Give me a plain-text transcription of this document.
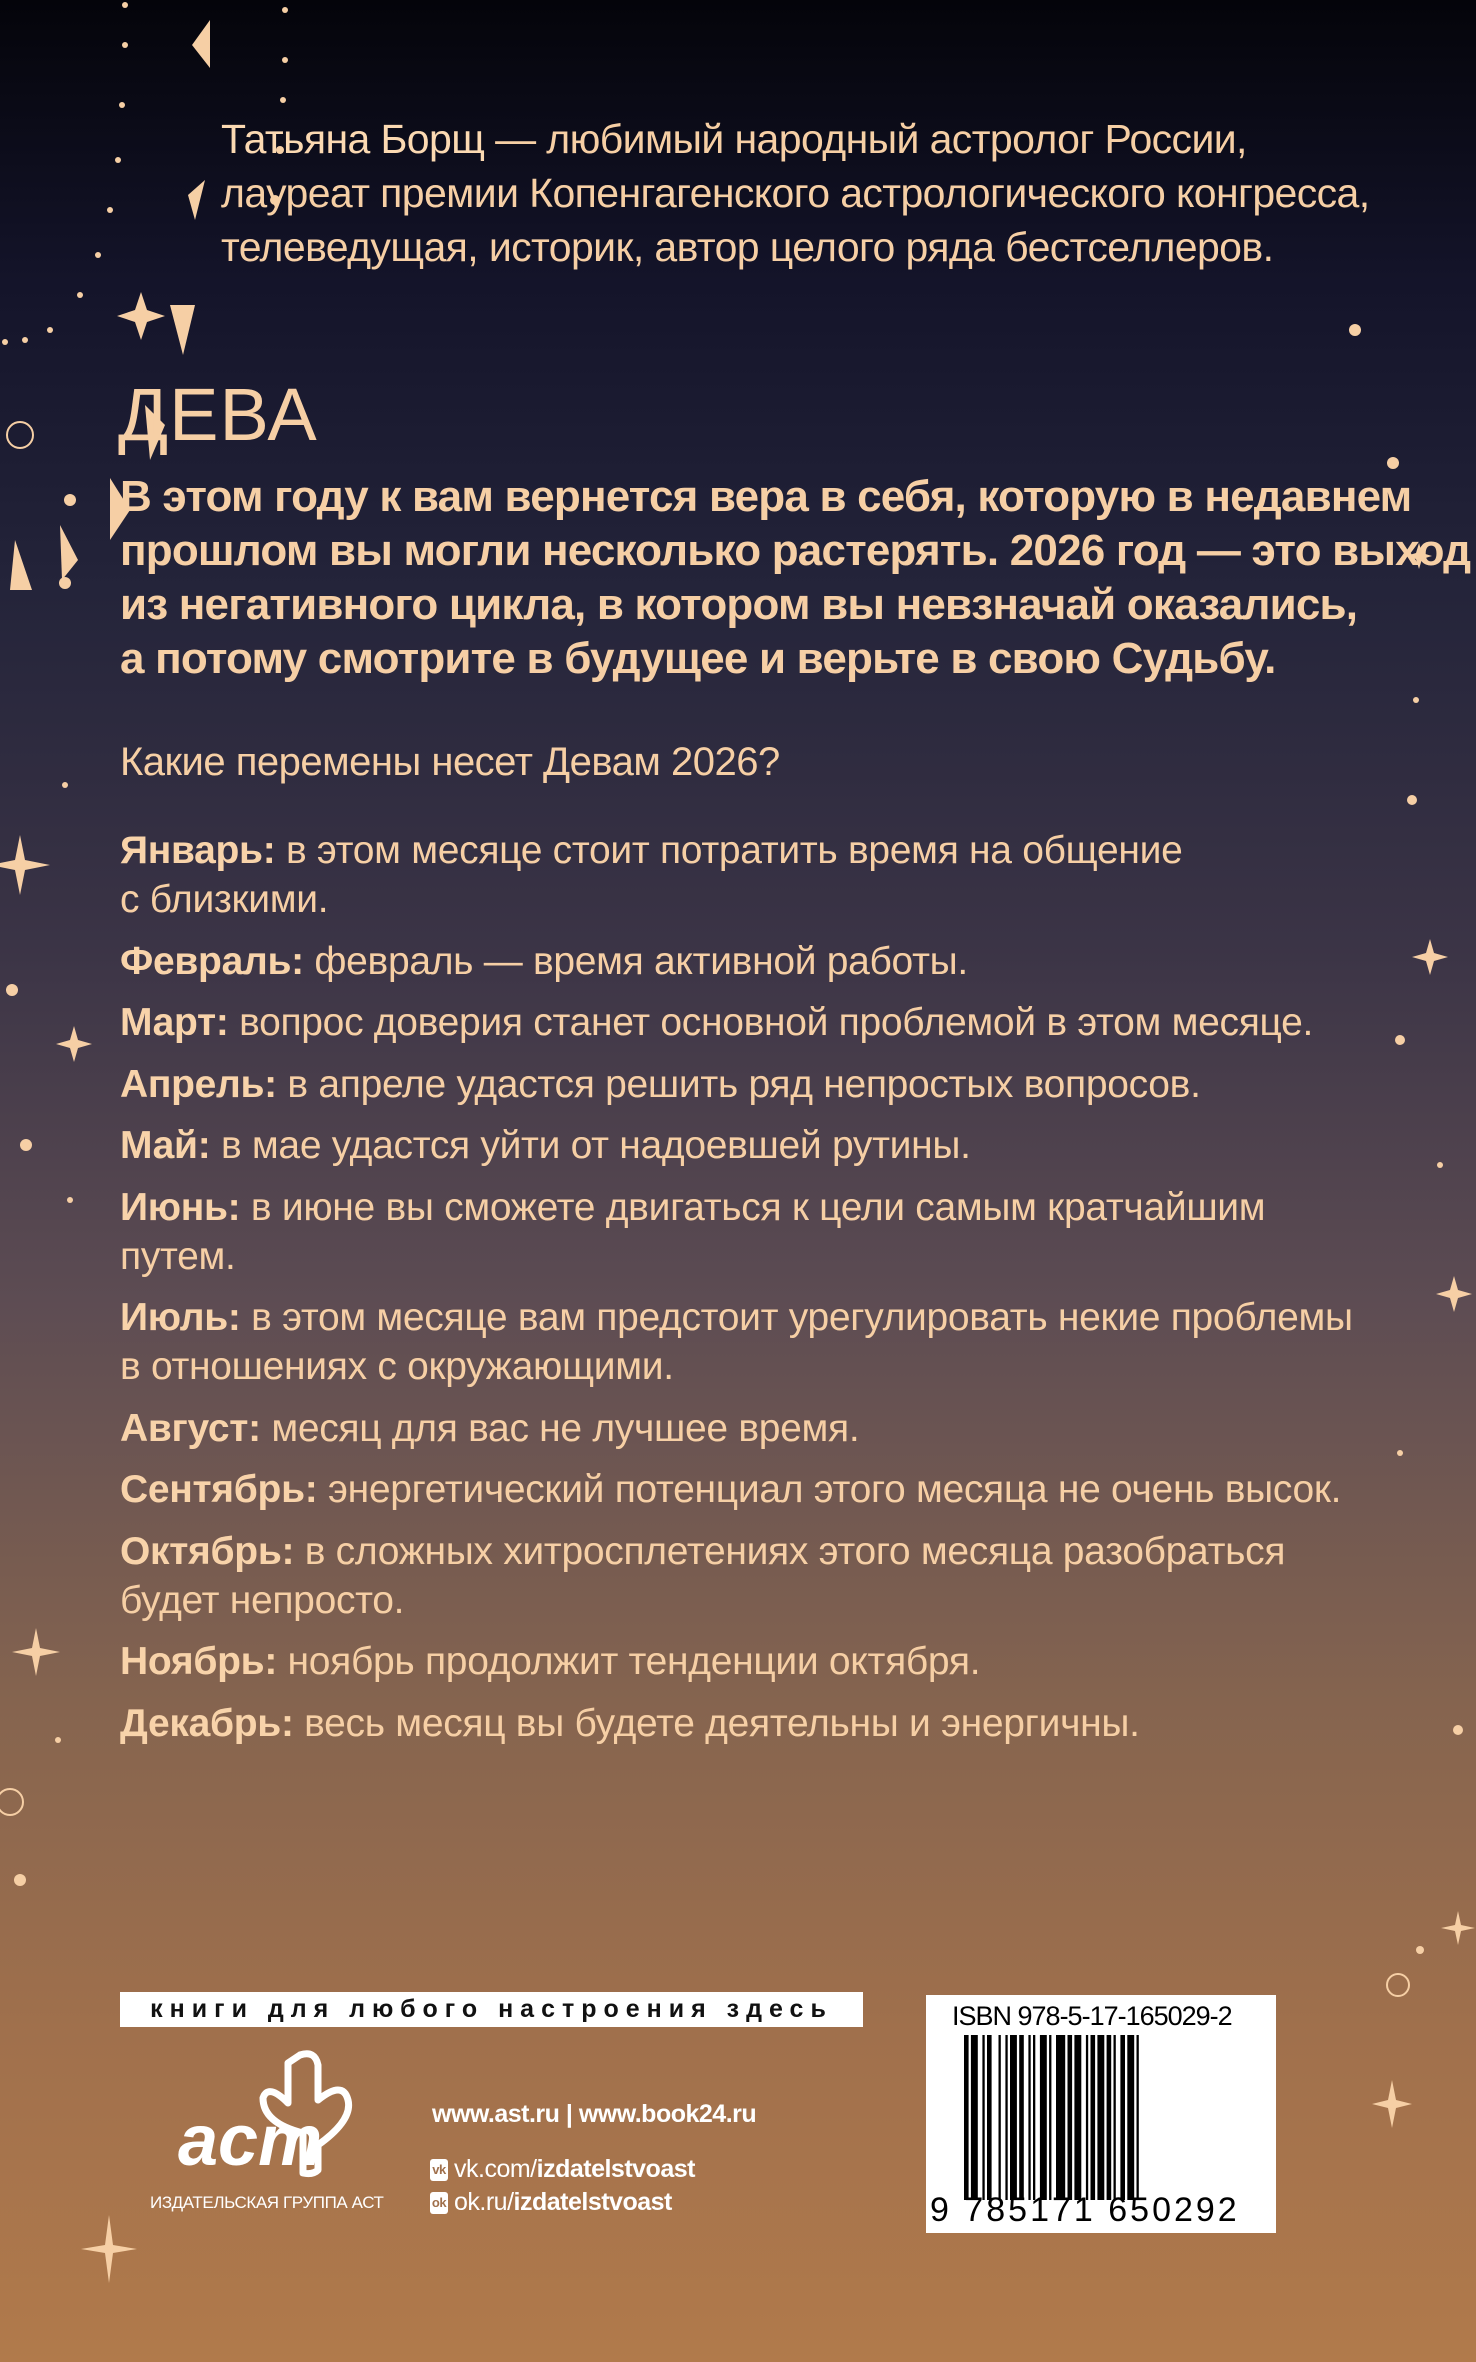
Татьяна Борщ — любимый народный астролог России,
лауреат премии Копенгагенского астрологического конгресса,
телеведущая, историк, автор целого ряда бестселлеров.
ДЕВА
В этом году к вам вернется вера в себя, которую в недавнем
прошлом вы могли несколько растерять. 2026 год — это выход
из негативного цикла, в котором вы невзначай оказались,
а потому смотрите в будущее и верьте в свою Судьбу.
Какие перемены несет Девам 2026?
Январь: в этом месяце стоит потратить время на общение
с близкими.
Февраль: февраль — время активной работы.
Март: вопрос доверия станет основной проблемой в этом месяце.
Апрель: в апреле удастся решить ряд непростых вопросов.
Май: в мае удастся уйти от надоевшей рутины.
Июнь: в июне вы сможете двигаться к цели самым кратчайшим
путем.
Июль: в этом месяце вам предстоит урегулировать некие проблемы
в отношениях с окружающими.
Август: месяц для вас не лучшее время.
Сентябрь: энергетический потенциал этого месяца не очень высок.
Октябрь: в сложных хитросплетениях этого месяца разобраться
будет непросто.
Ноябрь: ноябрь продолжит тенденции октября.
Декабрь: весь месяц вы будете деятельны и энергичны.
книги для любого настроения здесь
аст
ИЗДАТЕЛЬСКАЯ ГРУППА АСТ
www.ast.ru | www.book24.ru
vk vk.com/ izdatelstvoast
ok ok.ru/ izdatelstvoast
ISBN 978-5-17-165029-2
9 785171 650292
